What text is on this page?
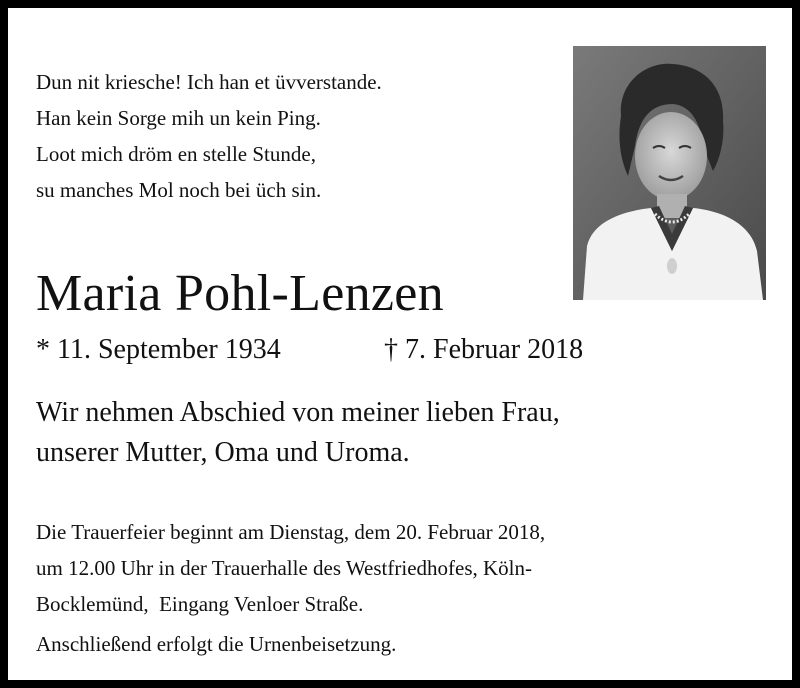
Dun nit kriesche! Ich han et üvverstande.
Han kein Sorge mih un kein Ping.
Loot mich dröm en stelle Stunde,
su manches Mol noch bei üch sin.
Maria Pohl-Lenzen
* 11. September 1934	† 7. Februar 2018
Wir nehmen Abschied von meiner lieben Frau,
unserer Mutter, Oma und Uroma.
Die Trauerfeier beginnt am Dienstag, dem 20. Februar 2018,
um 12.00 Uhr in der Trauerhalle des Westfriedhofes, Köln-
Bocklemünd,  Eingang Venloer Straße.
Anschließend erfolgt die Urnenbeisetzung.
